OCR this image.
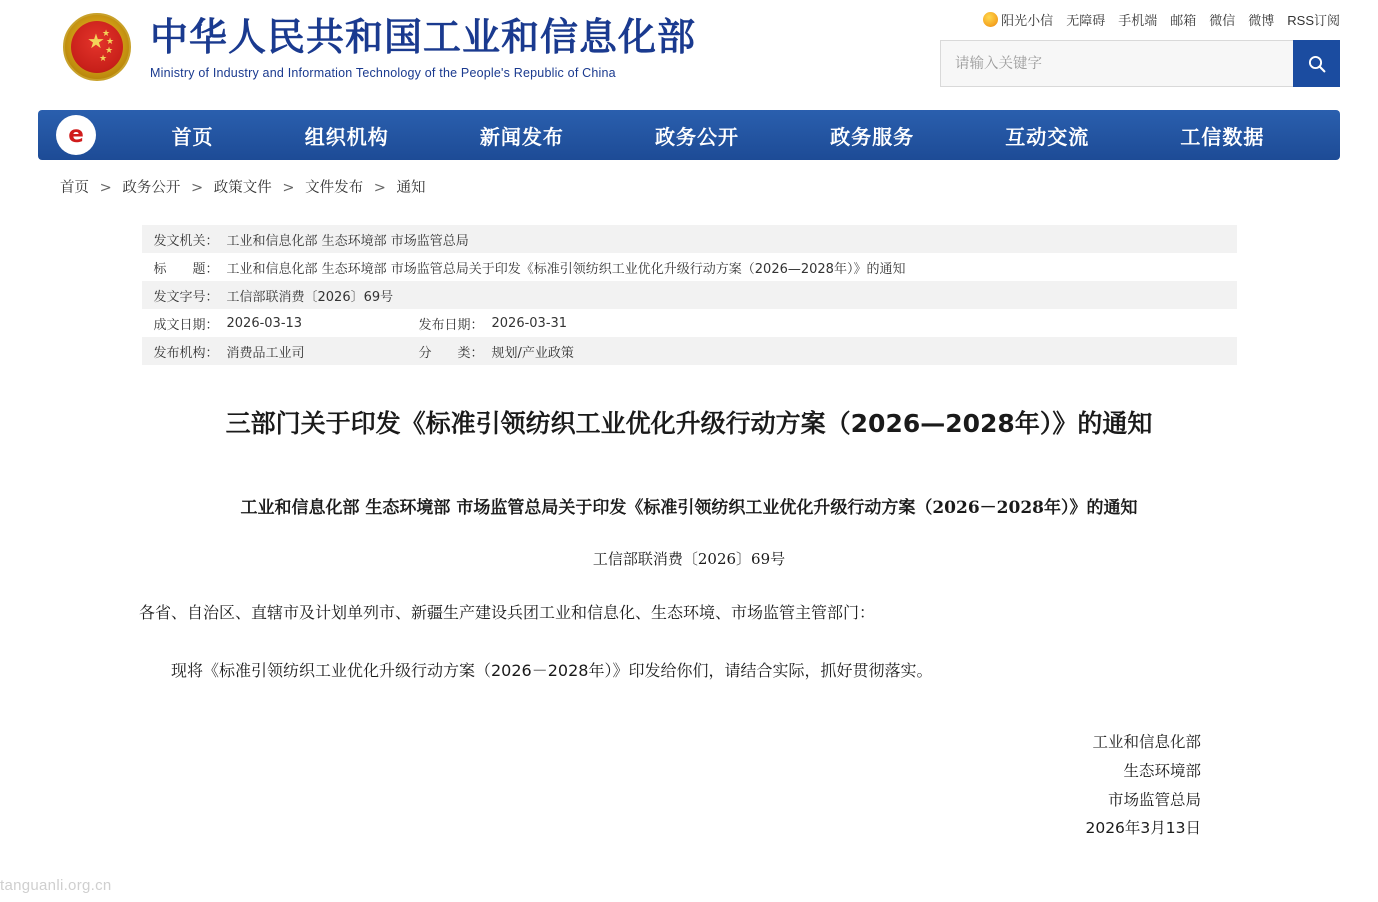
★
★
★
★
★ 中华人民共和国工业和信息化部
Ministry of Industry and Information Technology of the People's Republic of China
阳光小信 无障碍 手机端 邮箱 微信 微博 RSS订阅
请输入关键字
e	首页	组织机构	新闻发布	政务公开	政务服务	互动交流	工信数据
首页 > 政务公开 > 政策文件 > 文件发布 > 通知
发文机关： 工业和信息化部 生态环境部 市场监管总局
标　　题： 工业和信息化部 生态环境部 市场监管总局关于印发《标准引领纺织工业优化升级行动方案（2026—2028年）》的通知
发文字号： 工信部联消费〔2026〕69号
成文日期： 2026-03-13	发布日期： 2026-03-31
发布机构： 消费品工业司	分　　类： 规划/产业政策
三部门关于印发《标准引领纺织工业优化升级行动方案（2026—2028年）》的通知
工业和信息化部 生态环境部 市场监管总局关于印发《标准引领纺织工业优化升级行动方案（2026－2028年）》的通知
工信部联消费〔2026〕69号

各省、自治区、直辖市及计划单列市、新疆生产建设兵团工业和信息化、生态环境、市场监管主管部门：

现将《标准引领纺织工业优化升级行动方案（2026－2028年）》印发给你们，请结合实际，抓好贯彻落实。

工业和信息化部
生态环境部
市场监管总局
2026年3月13日
tanguanli.org.cn
